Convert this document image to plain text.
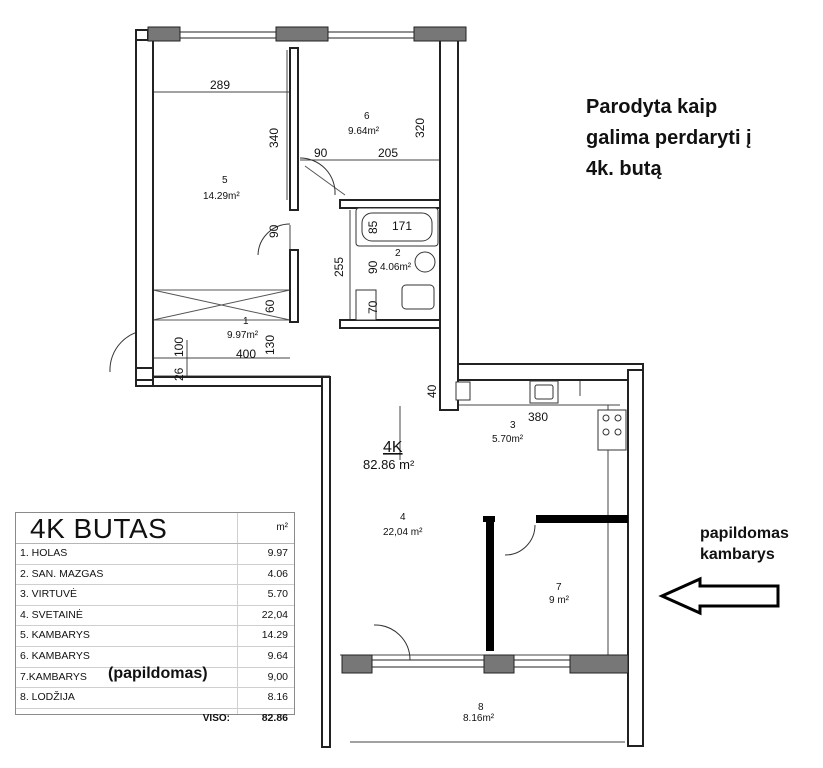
289
340	320
90	205
85 171
90
255
90
70
60
100	130
400
26
40
380
1
9.97m²
2
4.06m²
3
5.70m²
4
22,04 m²
5
14.29m²
6
9.64m²
7
9 m²
8
8.16m²
4K
82.86 m²
Parodyta kaip
galima perdaryti į
4k. butą
papildomas
kambarys
4K BUTAS	m²
1. HOLAS	9.97
2. SAN. MAZGAS	4.06
3. VIRTUVĖ	5.70
4. SVETAINĖ	22,04
5. KAMBARYS	14.29
6. KAMBARYS	9.64
7.KAMBARYS (papildomas)	9,00
8. LODŽIJA	8.16
VISO:	82.86
